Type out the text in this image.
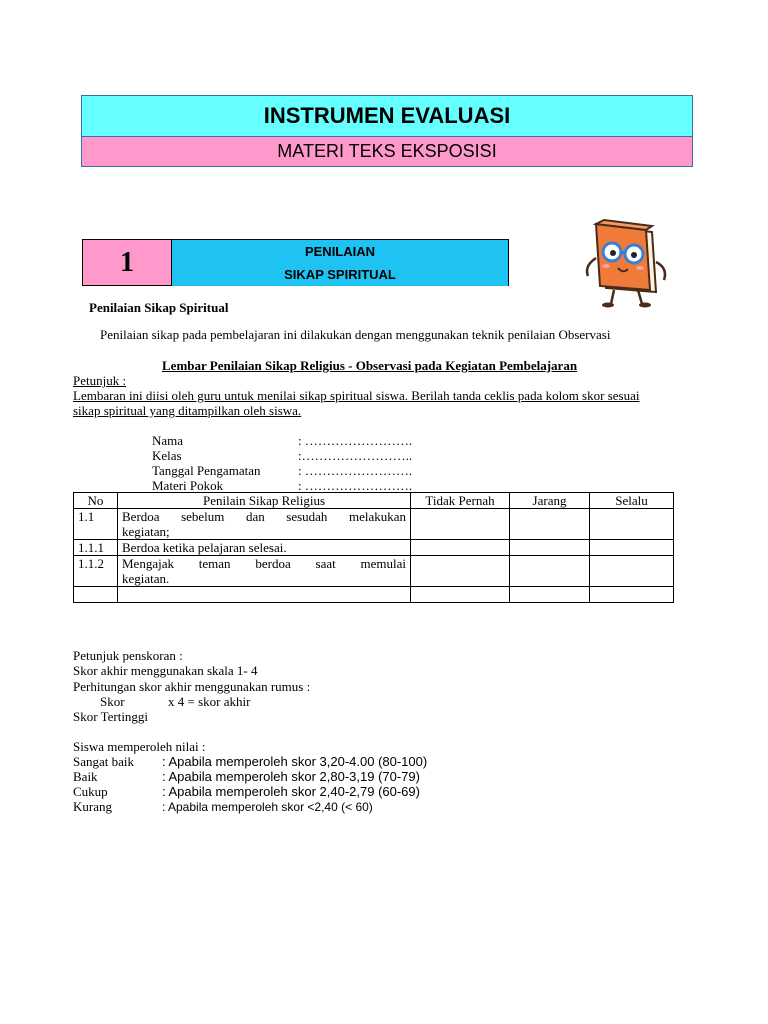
INSTRUMEN EVALUASI
MATERI TEKS EKSPOSISI
1	PENILAIAN
SIKAP SPIRITUAL
Penilaian Sikap Spiritual
Penilaian sikap pada pembelajaran ini dilakukan dengan menggunakan teknik penilaian Observasi
Lembar Penilaian Sikap Religius - Observasi pada Kegiatan Pembelajaran
Petunjuk :
Lembaran ini diisi oleh guru untuk menilai sikap spiritual siswa. Berilah tanda ceklis pada kolom skor sesuai
sikap spiritual yang ditampilkan oleh siswa.
Nama	: …………………….
Kelas	:……………………..
Tanggal Pengamatan	: …………………….
Materi Pokok	: …………………….
No	Penilain Sikap Religius	Tidak Pernah	Jarang	Selalu
1.1	Berdoa sebelum dan sesudah melakukan
kegiatan;			

1.1.1	Berdoa ketika pelajaran selesai.			
1.1.2	Mengajak teman berdoa saat memulai
kegiatan.			

Petunjuk penskoran :
Skor akhir menggunakan skala 1- 4
Perhitungan skor akhir menggunakan rumus :
Skor	x 4 = skor akhir
Skor Tertinggi
Siswa memperoleh nilai :
Sangat baik : Apabila memperoleh skor 3,20-4.00 (80-100)
Baik	: Apabila memperoleh skor 2,80-3,19 (70-79)
Cukup	: Apabila memperoleh skor 2,40-2,79 (60-69)
Kurang	: Apabila memperoleh skor <2,40 (< 60)
